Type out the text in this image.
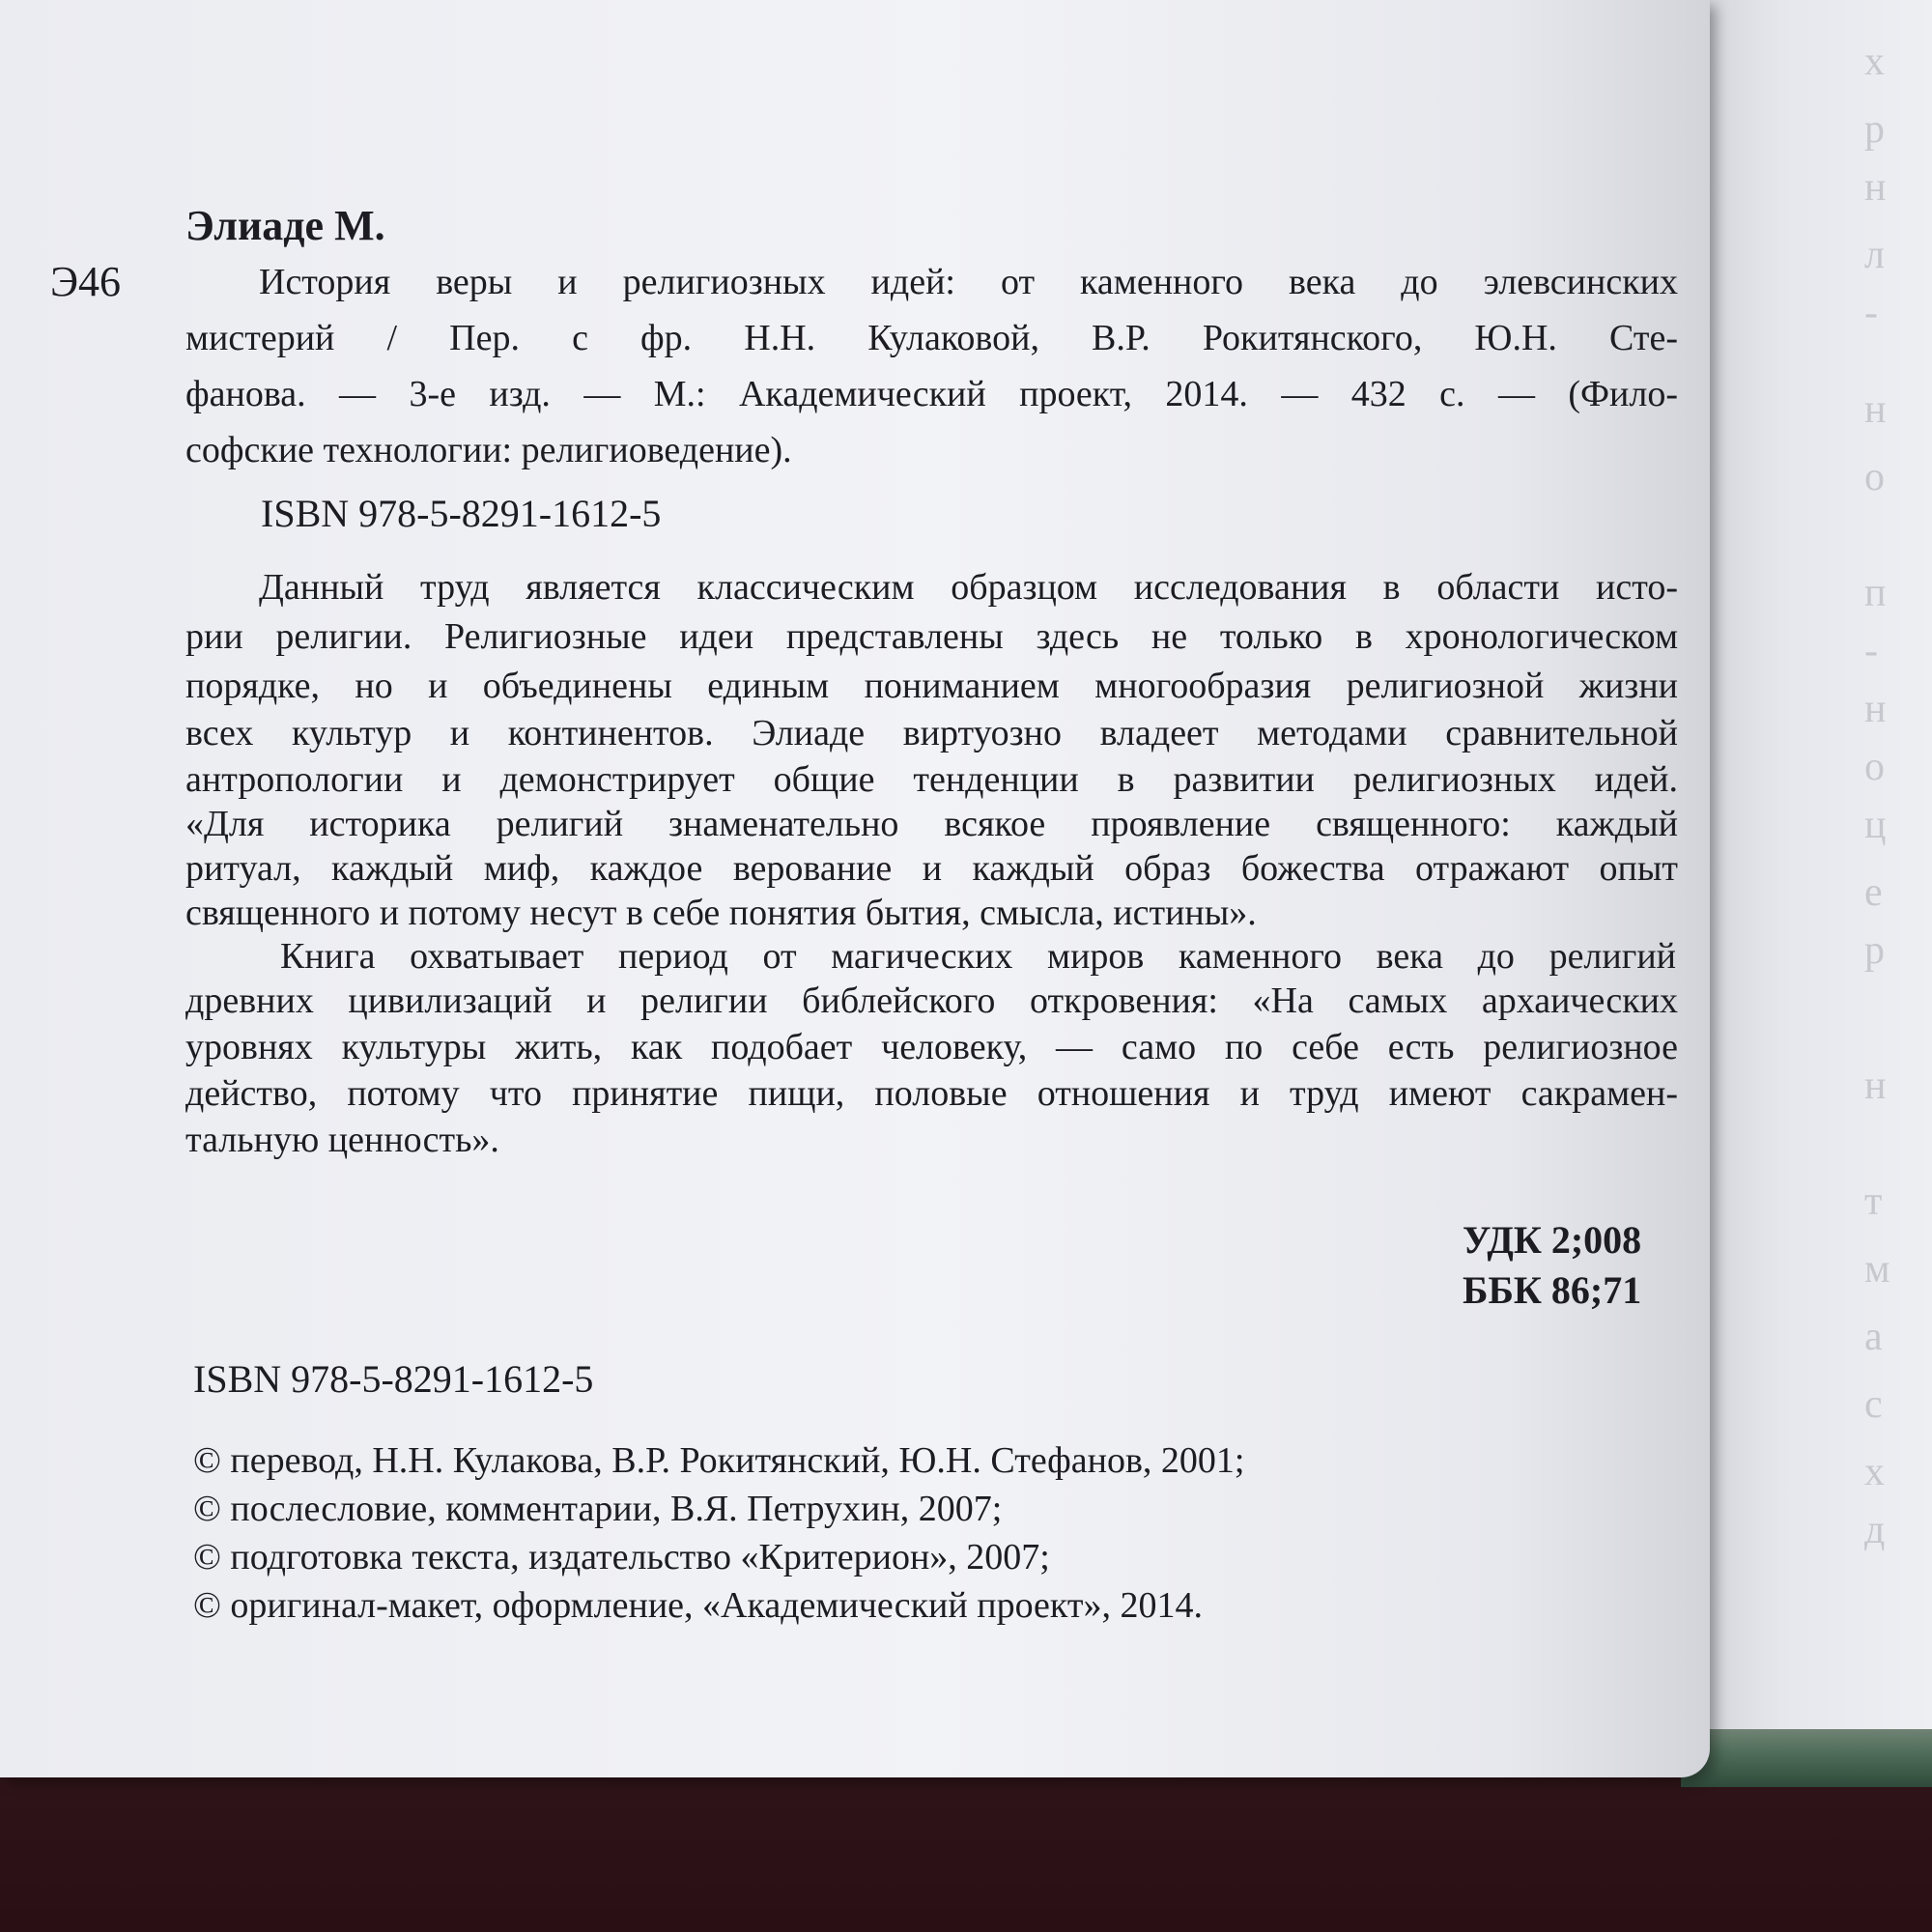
х
р
н
л
-
н
о
п
-
н
о
ц
е
р
н
т
м
а
с
х
д
Элиаде М.
Э46	История веры и религиозных идей: от каменного века до элевсинских
мистерий / Пер. с фр. Н.Н. Кулаковой, В.Р. Рокитянского, Ю.Н. Сте-
фанова. — 3-е изд. — М.: Академический проект, 2014. — 432 с. — (Фило-
софские технологии: религиоведение).
ISBN 978-5-8291-1612-5
Данный труд является классическим образцом исследования в области исто-
рии религии. Религиозные идеи представлены здесь не только в хронологическом
порядке, но и объединены единым пониманием многообразия религиозной жизни
всех культур и континентов. Элиаде виртуозно владеет методами сравнительной
антропологии и демонстрирует общие тенденции в развитии религиозных идей.
«Для историка религий знаменательно всякое проявление священного: каждый
ритуал, каждый миф, каждое верование и каждый образ божества отражают опыт
священного и потому несут в себе понятия бытия, смысла, истины».
Книга охватывает период от магических миров каменного века до религий
древних цивилизаций и религии библейского откровения: «На самых архаических
уровнях культуры жить, как подобает человеку, — само по себе есть религиозное
действо, потому что принятие пищи, половые отношения и труд имеют сакрамен-
тальную ценность».
УДК 2;008
ББК 86;71
ISBN 978-5-8291-1612-5
© перевод, Н.Н. Кулакова, В.Р. Рокитянский, Ю.Н. Стефанов, 2001;
© послесловие, комментарии, В.Я. Петрухин, 2007;
© подготовка текста, издательство «Критерион», 2007;
© оригинал-макет, оформление, «Академический проект», 2014.
